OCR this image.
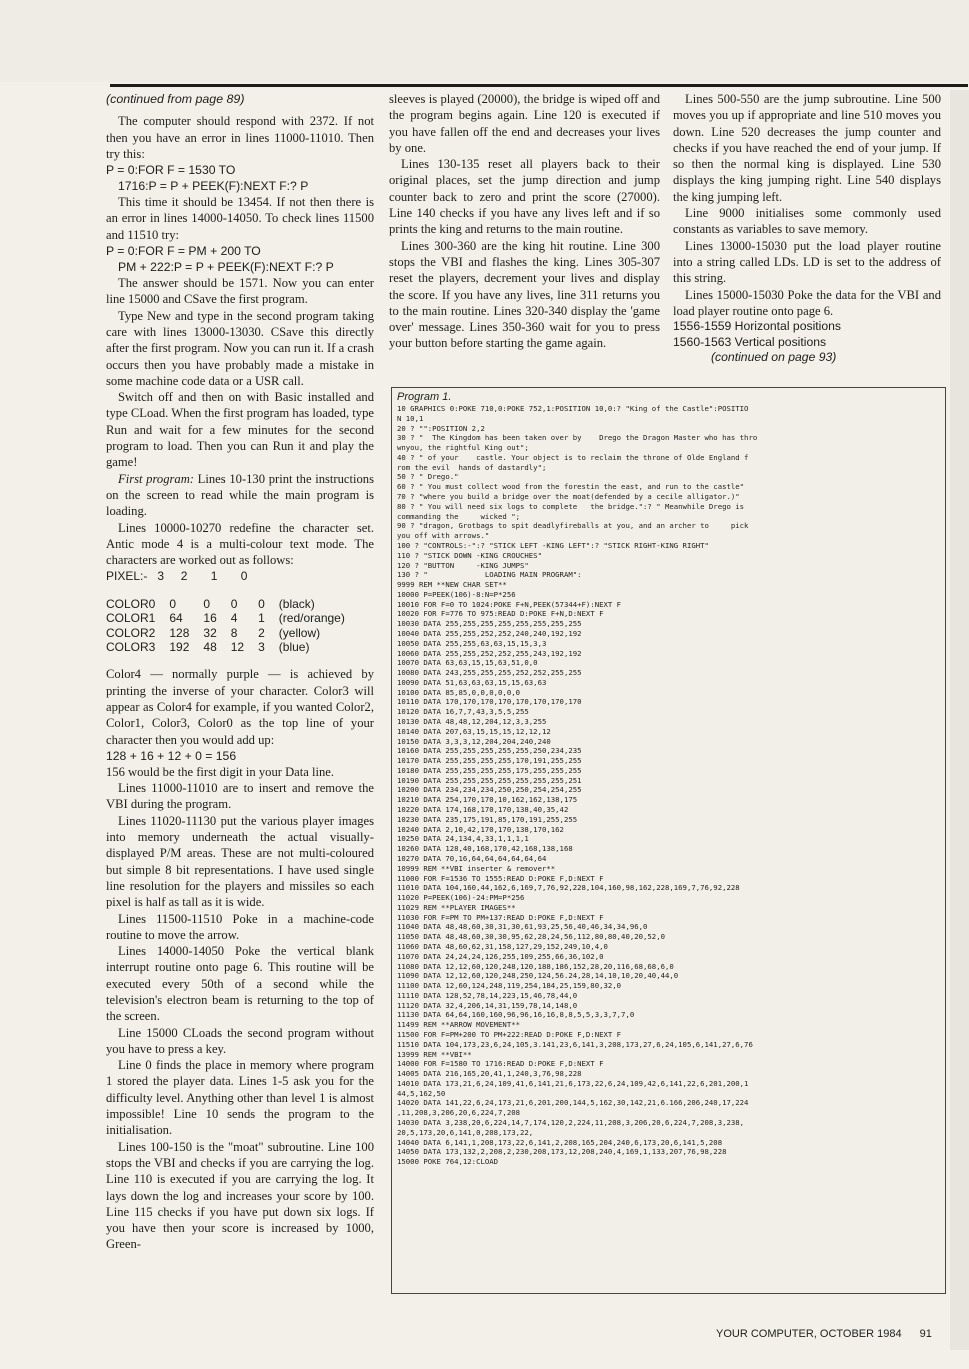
(continued from page 89)

The computer should respond with 2372. If not then you have an error in lines 11000-11010. Then try this:

P = 0:FOR F = 1530 TO
1716:P = P + PEEK(F):NEXT F:? P

This time it should be 13454. If not then there is an error in lines 14000-14050. To check lines 11500 and 11510 try:

P = 0:FOR F = PM + 200 TO
PM + 222:P = P + PEEK(F):NEXT F:? P

The answer should be 1571. Now you can enter line 15000 and CSave the first program.

Type New and type in the second program taking care with lines 13000-13030. CSave this directly after the first program. Now you can run it. If a crash occurs then you have probably made a mistake in some machine code data or a USR call.

Switch off and then on with Basic installed and type CLoad. When the first program has loaded, type Run and wait for a few minutes for the second program to load. Then you can Run it and play the game!

First program: Lines 10-130 print the instructions on the screen to read while the main program is loading.

Lines 10000-10270 redefine the character set. Antic mode 4 is a multi-colour text mode. The characters are worked out as follows:

PIXEL:- 3 2 1 0
COLOR0	0	0	0	0	(black)
COLOR1	64	16	4	1	(red/orange)
COLOR2	128	32	8	2	(yellow)
COLOR3	192	48	12	3	(blue)

Color4 — normally purple — is achieved by printing the inverse of your character. Color3 will appear as Color4 for example, if you wanted Color2, Color1, Color3, Color0 as the top line of your character then you would add up:

128 + 16 + 12 + 0 = 156

156 would be the first digit in your Data line.

Lines 11000-11010 are to insert and remove the VBI during the program.

Lines 11020-11130 put the various player images into memory underneath the actual visually-displayed P/M areas. These are not multi-coloured but simple 8 bit representations. I have used single line resolution for the players and missiles so each pixel is half as tall as it is wide.

Lines 11500-11510 Poke in a machine-code routine to move the arrow.

Lines 14000-14050 Poke the vertical blank interrupt routine onto page 6. This routine will be executed every 50th of a second while the television's electron beam is returning to the top of the screen.

Line 15000 CLoads the second program without you have to press a key.

Line 0 finds the place in memory where program 1 stored the player data. Lines 1-5 ask you for the difficulty level. Anything other than level 1 is almost impossible! Line 10 sends the program to the initialisation.

Lines 100-150 is the "moat" subroutine. Line 100 stops the VBI and checks if you are carrying the log. Line 110 is executed if you are carrying the log. It lays down the log and increases your score by 100. Line 115 checks if you have put down six logs. If you have then your score is increased by 1000, Green-

sleeves is played (20000), the bridge is wiped off and the program begins again. Line 120 is executed if you have fallen off the end and decreases your lives by one.

Lines 130-135 reset all players back to their original places, set the jump direction and jump counter back to zero and print the score (27000). Line 140 checks if you have any lives left and if so prints the king and returns to the main routine.

Lines 300-360 are the king hit routine. Line 300 stops the VBI and flashes the king. Lines 305-307 reset the players, decrement your lives and display the score. If you have any lives, line 311 returns you to the main routine. Lines 320-340 display the 'game over' message. Lines 350-360 wait for you to press your button before starting the game again.

Lines 500-550 are the jump subroutine. Line 500 moves you up if appropriate and line 510 moves you down. Line 520 decreases the jump counter and checks if you have reached the end of your jump. If so then the normal king is displayed. Line 530 displays the king jumping right. Line 540 displays the king jumping left.

Line 9000 initialises some commonly used constants as variables to save memory.

Lines 13000-15030 put the load player routine into a string called LDs. LD is set to the address of this string.

Lines 15000-15030 Poke the data for the VBI and load player routine onto page 6.

1556-1559 Horizontal positions
1560-1563 Vertical positions
(continued on page 93)
Program 1.
10 GRAPHICS 0:POKE 710,0:POKE 752,1:POSITION 10,0:? "King of the Castle":POSITIO
N 10,1
20 ? "":POSITION 2,2
30 ? "  The Kingdom has been taken over by    Drego the Dragon Master who has thro
wnyou, the rightful King out";
40 ? " of your    castle. Your object is to reclaim the throne of Olde England f
rom the evil  hands of dastardly";
50 ? " Drego."
60 ? " You must collect wood from the forestin the east, and run to the castle"
70 ? "where you build a bridge over the moat(defended by a cecile alligator.)"
80 ? " You will need six logs to complete   the bridge.":? " Meanwhile Drego is
commanding the     wicked ";
90 ? "dragon, Grotbags to spit deadlyfireballs at you, and an archer to     pick
you off with arrows."
100 ? "CONTROLS:-":? "STICK LEFT -KING LEFT":? "STICK RIGHT-KING RIGHT"
110 ? "STICK DOWN -KING CROUCHES"
120 ? "BUTTON     -KING JUMPS"
130 ? "             LOADING MAIN PROGRAM":
9999 REM **NEW CHAR SET**
10000 P=PEEK(106)-8:N=P*256
10010 FOR F=0 TO 1024:POKE F+N,PEEK(57344+F):NEXT F
10020 FOR F=776 TO 975:READ D:POKE F+N,D:NEXT F
10030 DATA 255,255,255,255,255,255,255,255
10040 DATA 255,255,252,252,240,240,192,192
10050 DATA 255,255,63,63,15,15,3,3
10060 DATA 255,255,252,252,255,243,192,192
10070 DATA 63,63,15,15,63,51,0,0
10080 DATA 243,255,255,255,252,252,255,255
10090 DATA 51,63,63,63,15,15,63,63
10100 DATA 85,85,0,0,0,0,0,0
10110 DATA 170,170,170,170,170,170,170,170
10120 DATA 16,7,7,43,3,5,5,255
10130 DATA 48,48,12,204,12,3,3,255
10140 DATA 207,63,15,15,15,12,12,12
10150 DATA 3,3,3,12,204,204,240,240
10160 DATA 255,255,255,255,255,250,234,235
10170 DATA 255,255,255,255,170,191,255,255
10180 DATA 255,255,255,255,175,255,255,255
10190 DATA 255,255,255,255,255,255,255,251
10200 DATA 234,234,234,250,250,254,254,255
10210 DATA 254,170,170,10,162,162,138,175
10220 DATA 174,168,170,170,138,40,35,42
10230 DATA 235,175,191,85,170,191,255,255
10240 DATA 2,10,42,170,170,138,170,162
10250 DATA 24,134,4,33,1,1,1,1
10260 DATA 128,40,168,170,42,168,138,168
10270 DATA 70,16,64,64,64,64,64,64
10999 REM **VBI inserter & remover**
11000 FOR F=1536 TO 1555:READ D:POKE F,D:NEXT F
11010 DATA 104,160,44,162,6,169,7,76,92,228,104,160,98,162,228,169,7,76,92,228
11020 P=PEEK(106)-24:PM=P*256
11029 REM **PLAYER IMAGES**
11030 FOR F=PM TO PM+137:READ D:POKE F,D:NEXT F
11040 DATA 48,48,60,30,31,30,61,93,25,56,40,46,34,34,96,0
11050 DATA 48,48,60,30,30,95,62,28,24,56,112,80,80,40,20,52,0
11060 DATA 48,60,62,31,158,127,29,152,249,10,4,0
11070 DATA 24,24,24,126,255,109,255,66,36,102,0
11080 DATA 12,12,60,120,248,120,188,186,152,28,20,116,68,68,6,0
11090 DATA 12,12,60,120,248,250,124,56.24,28,14,10,10,20,40,44,0
11100 DATA 12,60,124,248,119,254,184,25,159,80,32,0
11110 DATA 128,52,78,14,223,15,46,78,44,0
11120 DATA 32,4,206,14,31,159,78,14,148,0
11130 DATA 64,64,160,160,96,96,16,16,8,8,5,5,3,3,7,7,0
11499 REM **ARROW MOVEMENT**
11500 FOR F=PM+200 TO PM+222:READ D:POKE F,D:NEXT F
11510 DATA 104,173,23,6,24,105,3.141,23,6,141,3,208,173,27,6,24,105,6,141,27,6,76
13999 REM **VBI**
14000 FOR F=1580 TO 1716:READ D:POKE F,D:NEXT F
14005 DATA 216,165,20,41,1,240,3,76,98,228
14010 DATA 173,21,6,24,109,41,6,141,21,6,173,22,6,24,109,42,6,141,22,6,201,200,1
44,5,162,50
14020 DATA 141,22,6,24,173,21,6,201,200,144,5,162,30,142,21,6.166,206,240,17,224
,11,208,3,206,20,6,224,7,208
14030 DATA 3,238,20,6,224,14,7,174,120,2,224,11,208,3,206,20,6,224,7,208,3,238,
20,5,173,20,6,141,0,208,173,22,
14040 DATA 6,141,1,208,173,22,6,141,2,208,165,204,240,6,173,20,6,141,5,208
14050 DATA 173,132,2,208,2,230,208,173,12,208,240,4,169,1,133,207,76,98,228
15000 POKE 764,12:CLOAD
YOUR COMPUTER, OCTOBER 1984 91
